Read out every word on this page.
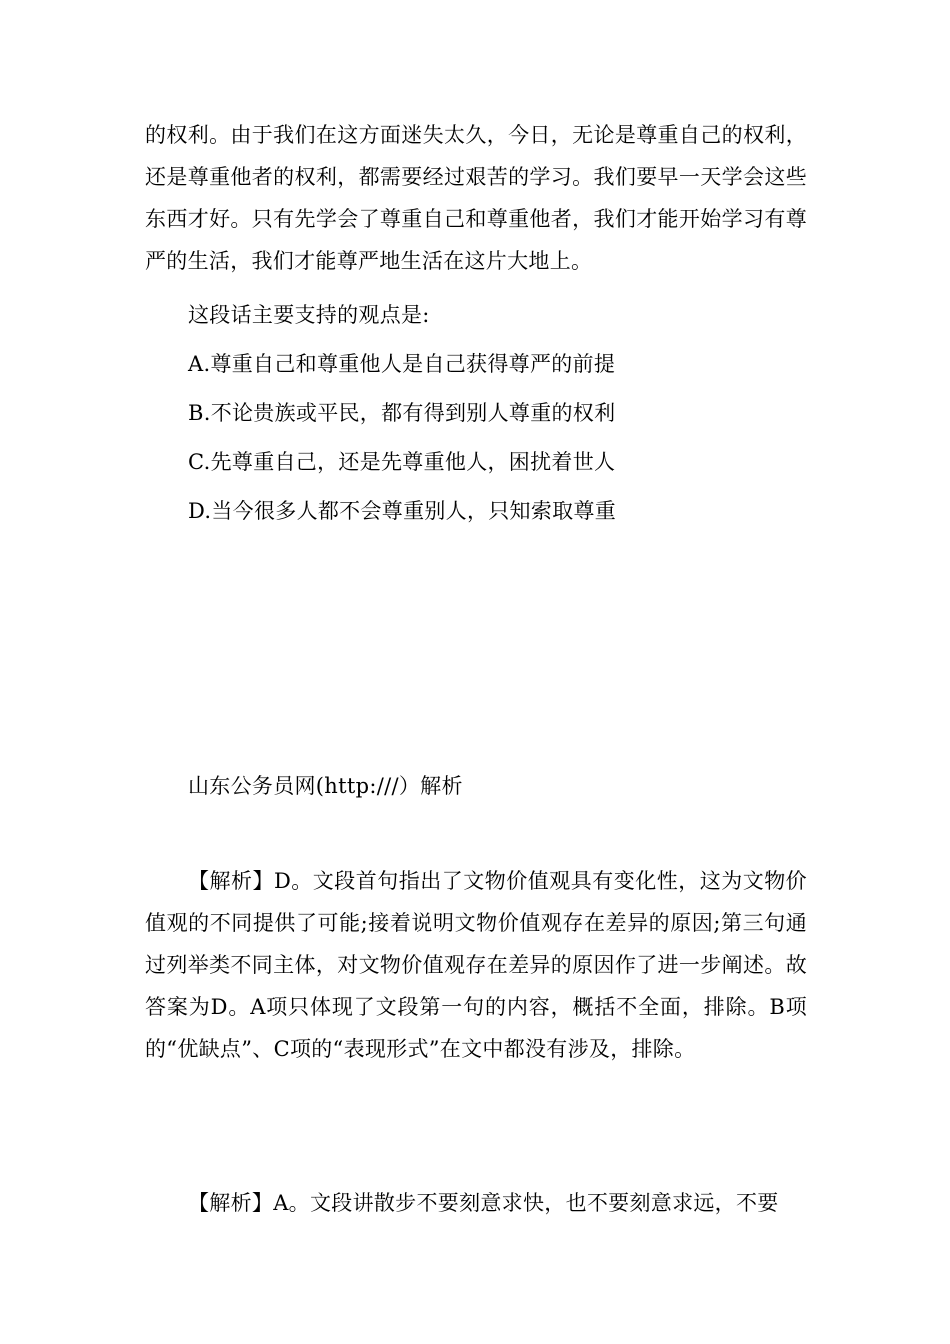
的权利。由于我们在这方面迷失太久，今日，无论是尊重自己的权利，还是尊重他者的权利，都需要经过艰苦的学习。我们要早一天学会这些东西才好。只有先学会了尊重自己和尊重他者，我们才能开始学习有尊严的生活，我们才能尊严地生活在这片大地上。

这段话主要支持的观点是:

A.尊重自己和尊重他人是自己获得尊严的前提

B.不论贵族或平民，都有得到别人尊重的权利

C.先尊重自己，还是先尊重他人，困扰着世人

D.当今很多人都不会尊重别人，只知索取尊重

山东公务员网(http:///）解析

【解析】D。文段首句指出了文物价值观具有变化性，这为文物价值观的不同提供了可能;接着说明文物价值观存在差异的原因;第三句通过列举类不同主体，对文物价值观存在差异的原因作了进一步阐述。故答案为D。A项只体现了文段第一句的内容，概括不全面，排除。B项的“优缺点”、C项的“表现形式”在文中都没有涉及，排除。

【解析】A。文段讲散步不要刻意求快，也不要刻意求远，不要
